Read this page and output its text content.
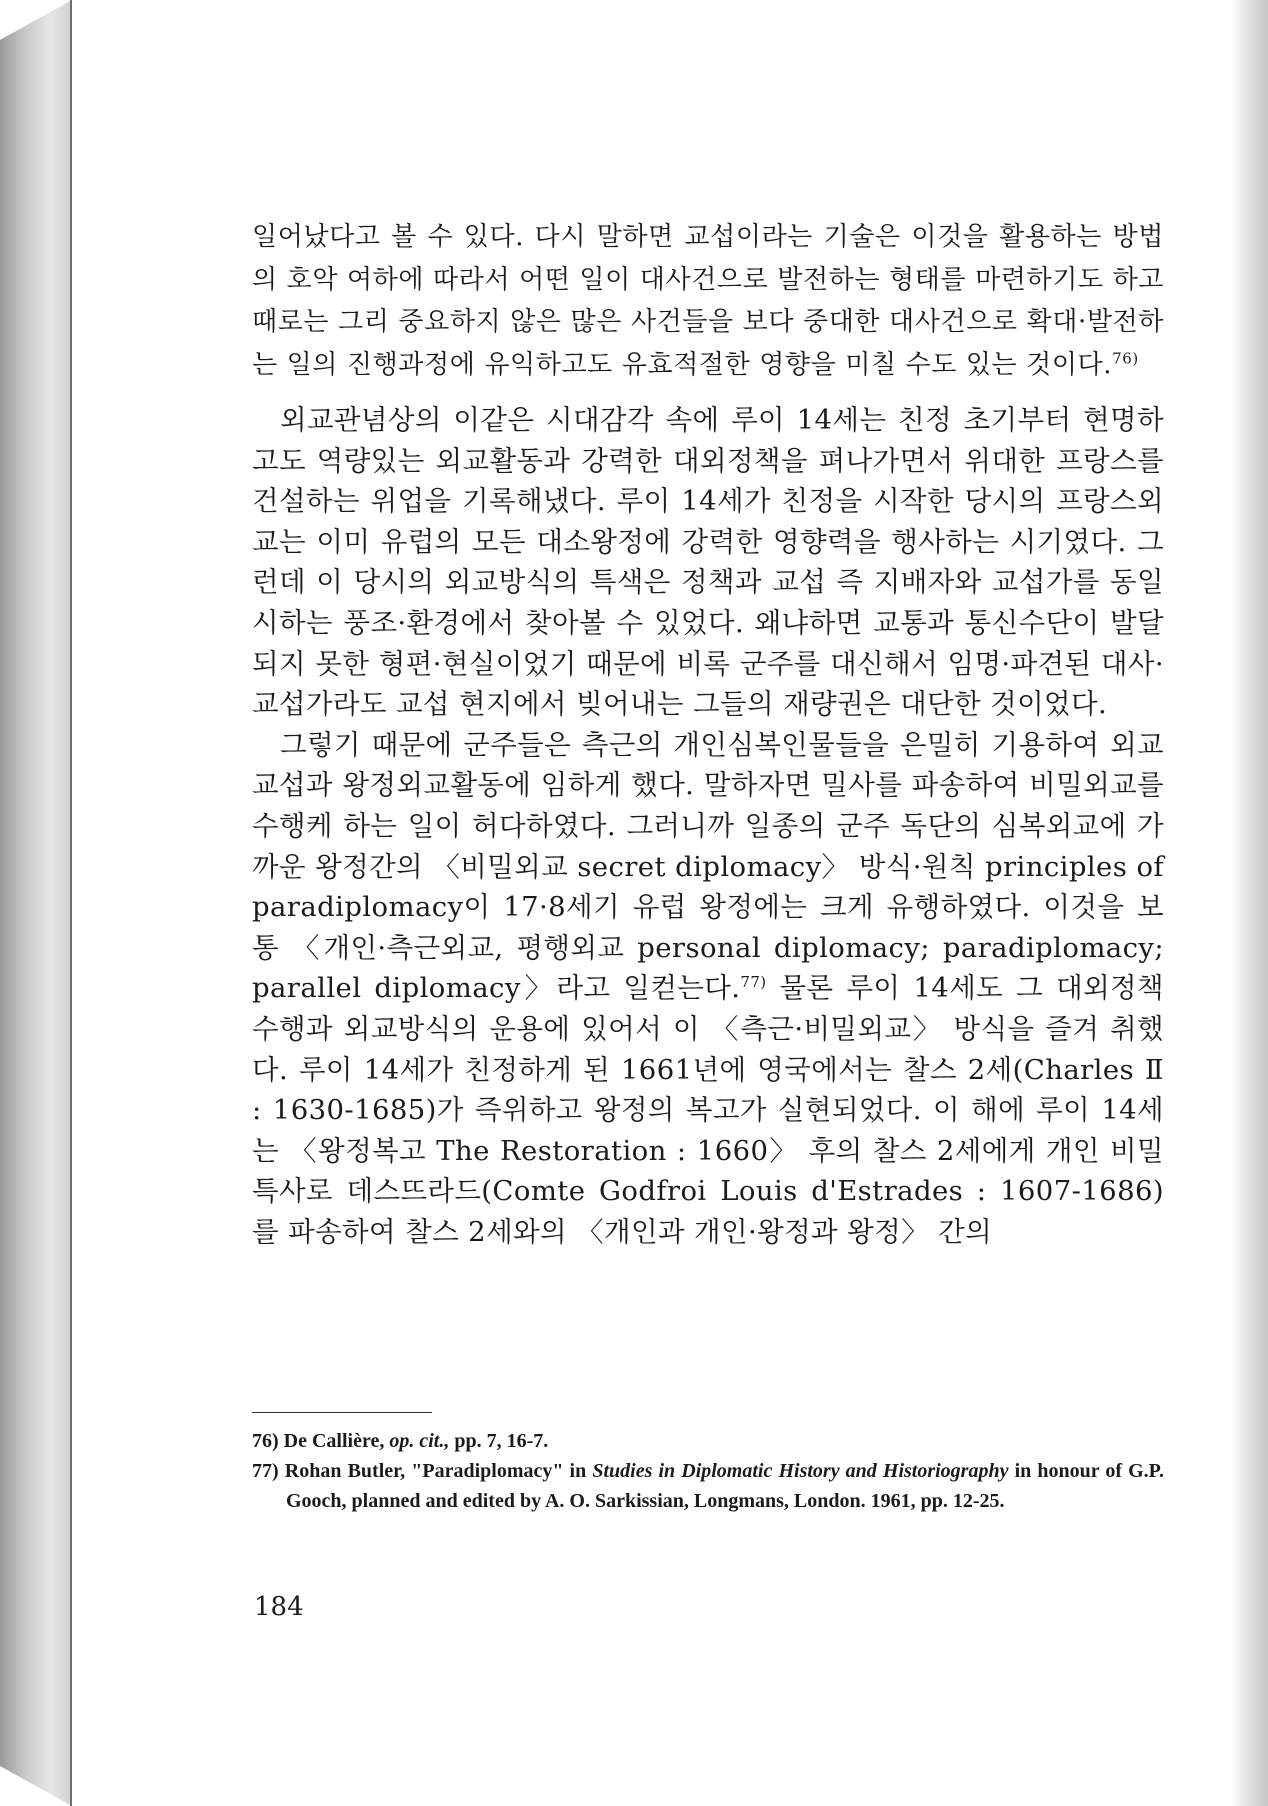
일어났다고 볼 수 있다. 다시 말하면 교섭이라는 기술은 이것을 활용하는 방법의 호악 여하에 따라서 어떤 일이 대사건으로 발전하는 형태를 마련하기도 하고 때로는 그리 중요하지 않은 많은 사건들을 보다 중대한 대사건으로 확대·발전하는 일의 진행과정에 유익하고도 유효적절한 영향을 미칠 수도 있는 것이다.$^{76)}$

외교관념상의 이같은 시대감각 속에 루이 14세는 친정 초기부터 현명하고도 역량있는 외교활동과 강력한 대외정책을 펴나가면서 위대한 프랑스를 건설하는 위업을 기록해냈다. 루이 14세가 친정을 시작한 당시의 프랑스외교는 이미 유럽의 모든 대소왕정에 강력한 영향력을 행사하는 시기였다. 그런데 이 당시의 외교방식의 특색은 정책과 교섭 즉 지배자와 교섭가를 동일시하는 풍조·환경에서 찾아볼 수 있었다. 왜냐하면 교통과 통신수단이 발달되지 못한 형편·현실이었기 때문에 비록 군주를 대신해서 임명·파견된 대사·교섭가라도 교섭 현지에서 빚어내는 그들의 재량권은 대단한 것이었다.

그렇기 때문에 군주들은 측근의 개인심복인물들을 은밀히 기용하여 외교교섭과 왕정외교활동에 임하게 했다. 말하자면 밀사를 파송하여 비밀외교를 수행케 하는 일이 허다하였다. 그러니까 일종의 군주 독단의 심복외교에 가까운 왕정간의 〈비밀외교 secret diplomacy〉 방식·원칙 principles of paradiplomacy이 17·8세기 유럽 왕정에는 크게 유행하였다. 이것을 보통 〈개인·측근외교, 평행외교 personal diplomacy; paradiplomacy; parallel diplomacy〉라고 일컫는다.$^{77)}$ 물론 루이 14세도 그 대외정책 수행과 외교방식의 운용에 있어서 이 〈측근·비밀외교〉 방식을 즐겨 취했다. 루이 14세가 친정하게 된 1661년에 영국에서는 찰스 2세(Charles Ⅱ : 1630-1685)가 즉위하고 왕정의 복고가 실현되었다. 이 해에 루이 14세는 〈왕정복고 The Restoration : 1660〉 후의 찰스 2세에게 개인 비밀특사로 데스뜨라드(Comte Godfroi Louis d'Estrades : 1607-1686)를 파송하여 찰스 2세와의 〈개인과 개인·왕정과 왕정〉 간의

76) De Callière, op. cit., pp. 7, 16-7.

77) Rohan Butler, "Paradiplomacy" in Studies in Diplomatic History and Historiography in honour of G.P. Gooch, planned and edited by A. O. Sarkissian, Longmans, London. 1961, pp. 12-25.

184
